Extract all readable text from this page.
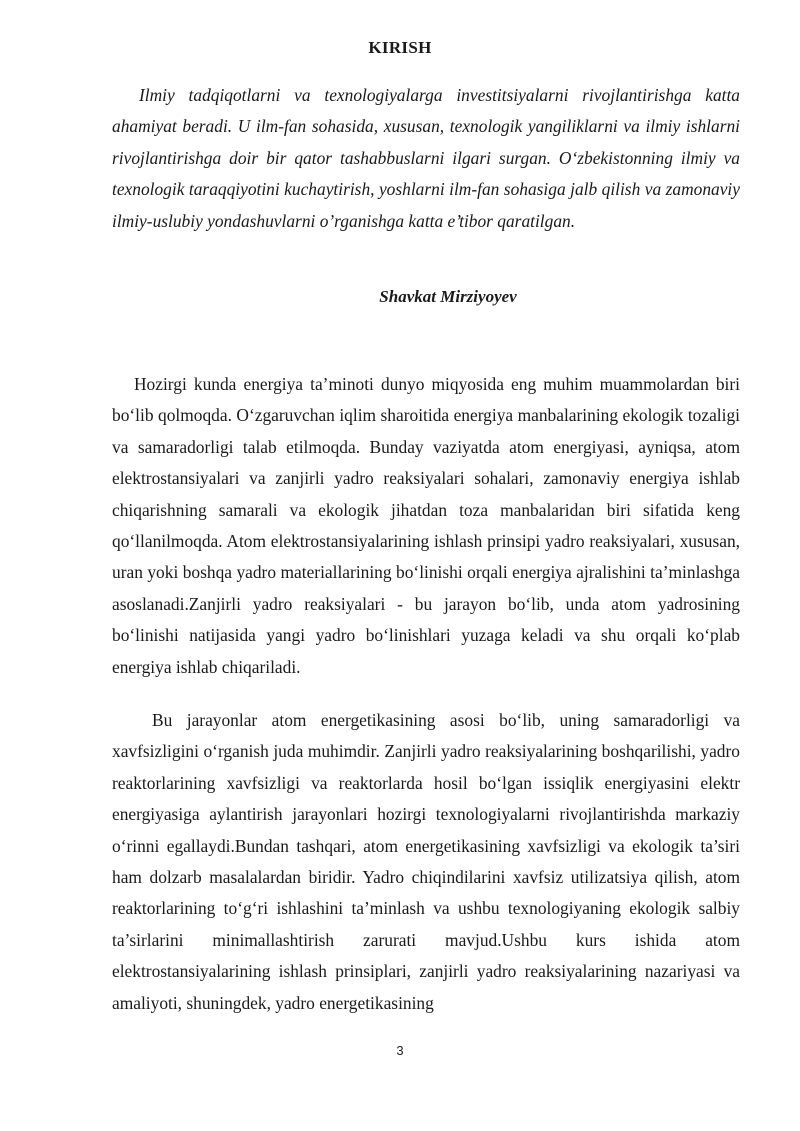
KIRISH

Ilmiy tadqiqotlarni va texnologiyalarga investitsiyalarni rivojlantirishga katta ahamiyat beradi. U ilm-fan sohasida, xususan, texnologik yangiliklarni va ilmiy ishlarni rivojlantirishga doir bir qator tashabbuslarni ilgari surgan. O‘zbekistonning ilmiy va texnologik taraqqiyotini kuchaytirish, yoshlarni ilm-fan sohasiga jalb qilish va zamonaviy ilmiy-uslubiy yondashuvlarni o’rganishga katta e’tibor qaratilgan.

Shavkat Mirziyoyev

Hozirgi kunda energiya ta’minoti dunyo miqyosida eng muhim muammolardan biri bo‘lib qolmoqda. O‘zgaruvchan iqlim sharoitida energiya manbalarining ekologik tozaligi va samaradorligi talab etilmoqda. Bunday vaziyatda atom energiyasi, ayniqsa, atom elektrostansiyalari va zanjirli yadro reaksiyalari sohalari, zamonaviy energiya ishlab chiqarishning samarali va ekologik jihatdan toza manbalaridan biri sifatida keng qo‘llanilmoqda. Atom elektrostansiyalarining ishlash prinsipi yadro reaksiyalari, xususan, uran yoki boshqa yadro materiallarining bo‘linishi orqali energiya ajralishini ta’minlashga asoslanadi.Zanjirli yadro reaksiyalari - bu jarayon bo‘lib, unda atom yadrosining bo‘linishi natijasida yangi yadro bo‘linishlari yuzaga keladi va shu orqali ko‘plab energiya ishlab chiqariladi.

Bu jarayonlar atom energetikasining asosi bo‘lib, uning samaradorligi va xavfsizligini o‘rganish juda muhimdir. Zanjirli yadro reaksiyalarining boshqarilishi, yadro reaktorlarining xavfsizligi va reaktorlarda hosil bo‘lgan issiqlik energiyasini elektr energiyasiga aylantirish jarayonlari hozirgi texnologiyalarni rivojlantirishda markaziy o‘rinni egallaydi.Bundan tashqari, atom energetikasining xavfsizligi va ekologik ta’siri ham dolzarb masalalardan biridir. Yadro chiqindilarini xavfsiz utilizatsiya qilish, atom reaktorlarining to‘g‘ri ishlashini ta’minlash va ushbu texnologiyaning ekologik salbiy ta’sirlarini minimallashtirish zarurati mavjud.Ushbu kurs ishida atom elektrostansiyalarining ishlash prinsiplari, zanjirli yadro reaksiyalarining nazariyasi va amaliyoti, shuningdek, yadro energetikasining

3
